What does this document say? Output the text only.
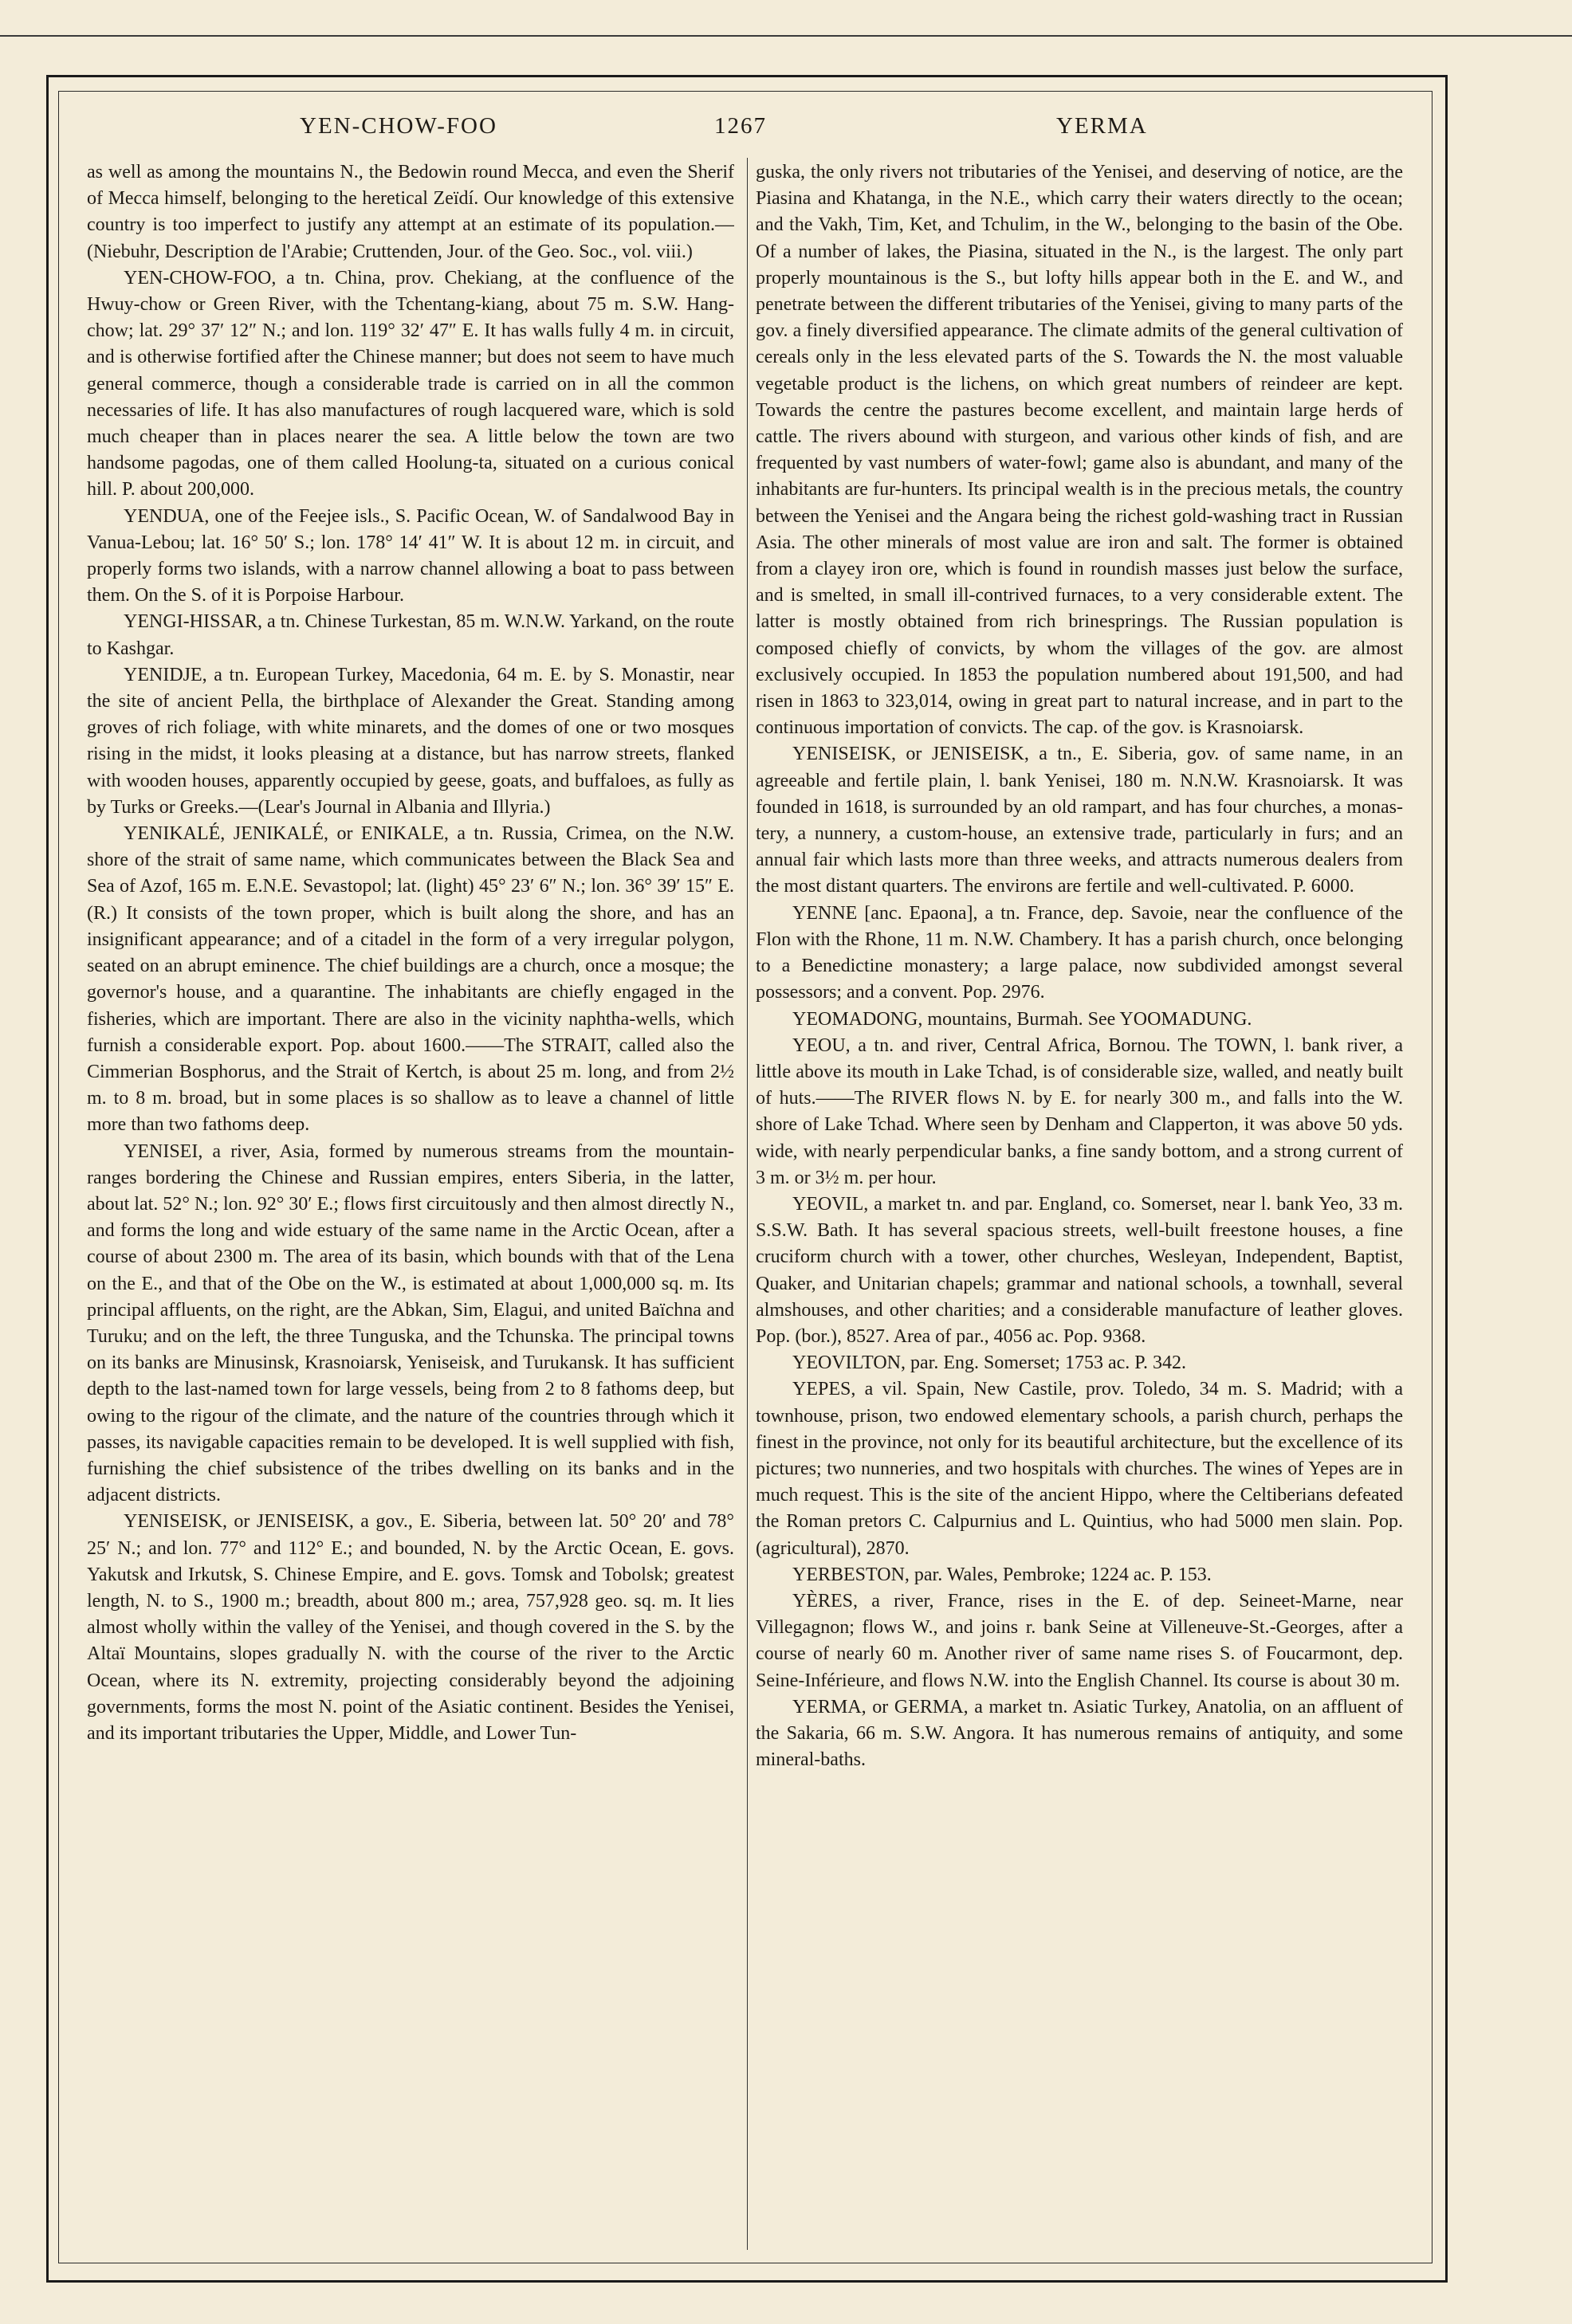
YEN-CHOW-FOO	1267	YERMA

as well as among the mountains N., the Bedowin round Mecca, and even the Sherif of Mecca himself, belonging to the heretical Zeïdí. Our knowledge of this extensive country is too imperfect to justify any attempt at an estimate of its population.—(Niebuhr, Description de l'Arabie; Cruttenden, Jour. of the Geo. Soc., vol. viii.)

YEN-CHOW-FOO, a tn. China, prov. Chekiang, at the confluence of the Hwuy-chow or Green River, with the Tchentang-kiang, about 75 m. S.W. Hang-chow; lat. 29° 37′ 12″ N.; and lon. 119° 32′ 47″ E. It has walls fully 4 m. in circuit, and is otherwise fortified after the Chinese manner; but does not seem to have much general commerce, though a considerable trade is carried on in all the common necessaries of life. It has also manufactures of rough lacquered ware, which is sold much cheaper than in places nearer the sea. A little below the town are two handsome pagodas, one of them called Hoolung-ta, situated on a curious conical hill. P. about 200,000.

YENDUA, one of the Feejee isls., S. Pacific Ocean, W. of Sandalwood Bay in Vanua-Lebou; lat. 16° 50′ S.; lon. 178° 14′ 41″ W. It is about 12 m. in circuit, and properly forms two islands, with a narrow channel allowing a boat to pass between them. On the S. of it is Porpoise Harbour.

YENGI-HISSAR, a tn. Chinese Turkestan, 85 m. W.N.W. Yarkand, on the route to Kashgar.

YENIDJE, a tn. European Turkey, Macedonia, 64 m. E. by S. Monastir, near the site of ancient Pella, the birthplace of Alexander the Great. Standing among groves of rich foliage, with white minarets, and the domes of one or two mosques rising in the midst, it looks pleasing at a distance, but has narrow streets, flanked with wooden houses, apparently occupied by geese, goats, and buffaloes, as fully as by Turks or Greeks.—(Lear's Journal in Albania and Illyria.)

YENIKALÉ, JENIKALÉ, or ENIKALE, a tn. Russia, Crimea, on the N.W. shore of the strait of same name, which communicates between the Black Sea and Sea of Azof, 165 m. E.N.E. Sevastopol; lat. (light) 45° 23′ 6″ N.; lon. 36° 39′ 15″ E. (R.) It consists of the town proper, which is built along the shore, and has an insignificant appearance; and of a citadel in the form of a very irregular polygon, seated on an abrupt eminence. The chief buildings are a church, once a mosque; the governor's house, and a quarantine. The inhabitants are chiefly engaged in the fisheries, which are important. There are also in the vicinity naphtha-wells, which furnish a considerable export. Pop. about 1600.——The STRAIT, called also the Cimmerian Bosphorus, and the Strait of Kertch, is about 25 m. long, and from 2½ m. to 8 m. broad, but in some places is so shallow as to leave a channel of little more than two fathoms deep.

YENISEI, a river, Asia, formed by numerous streams from the mountain-ranges bordering the Chinese and Russian empires, enters Siberia, in the latter, about lat. 52° N.; lon. 92° 30′ E.; flows first circuitously and then almost directly N., and forms the long and wide estuary of the same name in the Arctic Ocean, after a course of about 2300 m. The area of its basin, which bounds with that of the Lena on the E., and that of the Obe on the W., is estimated at about 1,000,000 sq. m. Its principal affluents, on the right, are the Abkan, Sim, Elagui, and united Baïchna and Turuku; and on the left, the three Tunguska, and the Tchunska. The principal towns on its banks are Minusinsk, Krasnoiarsk, Yeniseisk, and Turukansk. It has sufficient depth to the last-named town for large vessels, being from 2 to 8 fathoms deep, but owing to the rigour of the climate, and the nature of the countries through which it passes, its navigable capacities remain to be developed. It is well supplied with fish, furnishing the chief subsistence of the tribes dwelling on its banks and in the adjacent districts.

YENISEISK, or JENISEISK, a gov., E. Siberia, between lat. 50° 20′ and 78° 25′ N.; and lon. 77° and 112° E.; and bounded, N. by the Arctic Ocean, E. govs. Yakutsk and Irkutsk, S. Chinese Empire, and E. govs. Tomsk and Tobolsk; greatest length, N. to S., 1900 m.; breadth, about 800 m.; area, 757,928 geo. sq. m. It lies almost wholly within the valley of the Yenisei, and though covered in the S. by the Altaï Mountains, slopes gradually N. with the course of the river to the Arctic Ocean, where its N. extremity, projecting considerably beyond the adjoining governments, forms the most N. point of the Asiatic continent. Besides the Yenisei, and its important tributaries the Upper, Middle, and Lower Tun-

guska, the only rivers not tributaries of the Yenisei, and deserving of notice, are the Piasina and Khatanga, in the N.E., which carry their waters directly to the ocean; and the Vakh, Tim, Ket, and Tchulim, in the W., belonging to the basin of the Obe. Of a number of lakes, the Piasina, situated in the N., is the largest. The only part properly mountainous is the S., but lofty hills appear both in the E. and W., and penetrate between the different tributaries of the Yenisei, giving to many parts of the gov. a finely diversified appearance. The climate admits of the general cultivation of cereals only in the less elevated parts of the S. Towards the N. the most valuable vegetable product is the lichens, on which great numbers of reindeer are kept. Towards the centre the pastures become excellent, and maintain large herds of cattle. The rivers abound with sturgeon, and various other kinds of fish, and are frequented by vast numbers of water-fowl; game also is abundant, and many of the inhabitants are fur-hunters. Its principal wealth is in the precious metals, the country between the Yenisei and the Angara being the richest gold-washing tract in Russian Asia. The other minerals of most value are iron and salt. The former is obtained from a clayey iron ore, which is found in roundish masses just below the surface, and is smelted, in small ill-contrived furnaces, to a very considerable extent. The latter is mostly obtained from rich brinesprings. The Russian population is composed chiefly of convicts, by whom the villages of the gov. are almost exclusively occupied. In 1853 the population numbered about 191,500, and had risen in 1863 to 323,014, owing in great part to natural increase, and in part to the continuous importation of convicts. The cap. of the gov. is Krasnoiarsk.

YENISEISK, or JENISEISK, a tn., E. Siberia, gov. of same name, in an agreeable and fertile plain, l. bank Yenisei, 180 m. N.N.W. Krasnoiarsk. It was founded in 1618, is surrounded by an old rampart, and has four churches, a monastery, a nunnery, a custom-house, an extensive trade, particularly in furs; and an annual fair which lasts more than three weeks, and attracts numerous dealers from the most distant quarters. The environs are fertile and well-cultivated. P. 6000.

YENNE [anc. Epaona], a tn. France, dep. Savoie, near the confluence of the Flon with the Rhone, 11 m. N.W. Chambery. It has a parish church, once belonging to a Benedictine monastery; a large palace, now subdivided amongst several possessors; and a convent. Pop. 2976.

YEOMADONG, mountains, Burmah. See YOOMADUNG.

YEOU, a tn. and river, Central Africa, Bornou. The TOWN, l. bank river, a little above its mouth in Lake Tchad, is of considerable size, walled, and neatly built of huts.——The RIVER flows N. by E. for nearly 300 m., and falls into the W. shore of Lake Tchad. Where seen by Denham and Clapperton, it was above 50 yds. wide, with nearly perpendicular banks, a fine sandy bottom, and a strong current of 3 m. or 3½ m. per hour.

YEOVIL, a market tn. and par. England, co. Somerset, near l. bank Yeo, 33 m. S.S.W. Bath. It has several spacious streets, well-built freestone houses, a fine cruciform church with a tower, other churches, Wesleyan, Independent, Baptist, Quaker, and Unitarian chapels; grammar and national schools, a townhall, several almshouses, and other charities; and a considerable manufacture of leather gloves. Pop. (bor.), 8527. Area of par., 4056 ac. Pop. 9368.

YEOVILTON, par. Eng. Somerset; 1753 ac. P. 342.

YEPES, a vil. Spain, New Castile, prov. Toledo, 34 m. S. Madrid; with a townhouse, prison, two endowed elementary schools, a parish church, perhaps the finest in the province, not only for its beautiful architecture, but the excellence of its pictures; two nunneries, and two hospitals with churches. The wines of Yepes are in much request. This is the site of the ancient Hippo, where the Celtiberians defeated the Roman pretors C. Calpurnius and L. Quintius, who had 5000 men slain. Pop. (agricultural), 2870.

YERBESTON, par. Wales, Pembroke; 1224 ac. P. 153.

YÈRES, a river, France, rises in the E. of dep. Seineet-Marne, near Villegagnon; flows W., and joins r. bank Seine at Villeneuve-St.-Georges, after a course of nearly 60 m. Another river of same name rises S. of Foucarmont, dep. Seine-Inférieure, and flows N.W. into the English Channel. Its course is about 30 m.

YERMA, or GERMA, a market tn. Asiatic Turkey, Anatolia, on an affluent of the Sakaria, 66 m. S.W. Angora. It has numerous remains of antiquity, and some mineral-baths.
